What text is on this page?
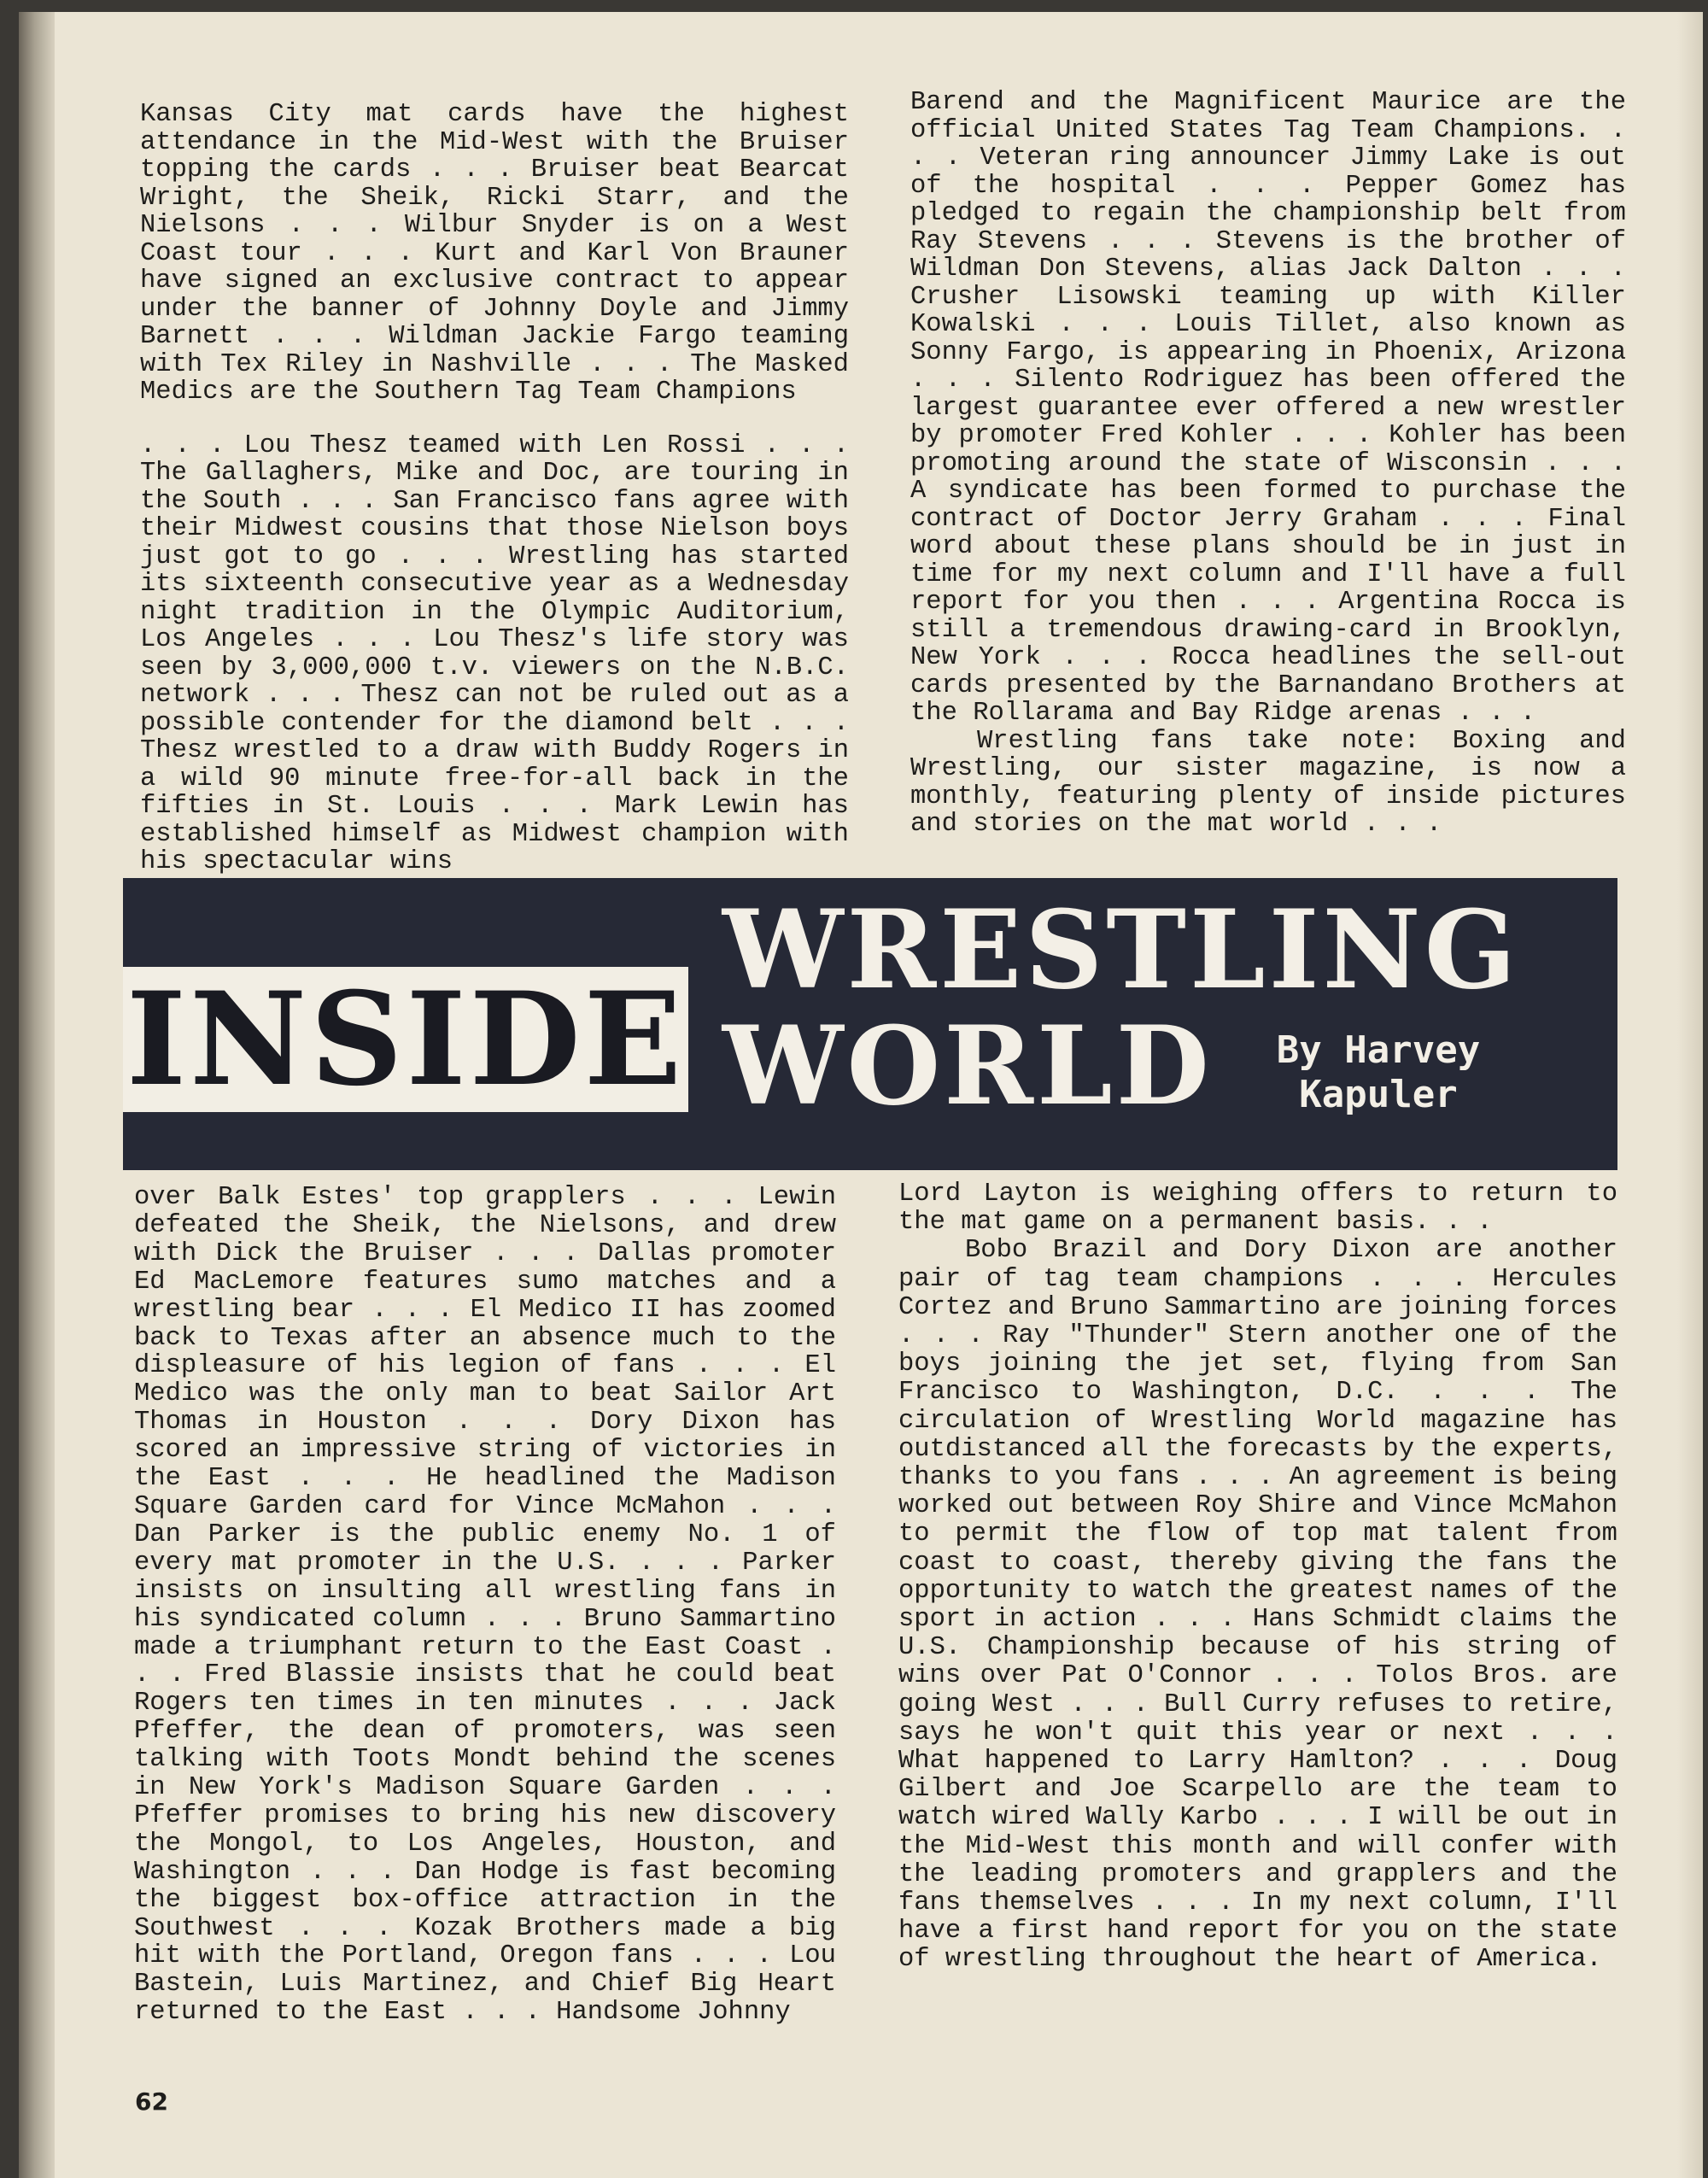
Kansas City mat cards have the highest attendance in the Mid-West with the Bruiser topping the cards . . . Bruiser beat Bearcat Wright, the Sheik, Ricki Starr, and the Nielsons . . . Wilbur Snyder is on a West Coast tour . . . Kurt and Karl Von Brauner have signed an exclusive contract to appear under the banner of Johnny Doyle and Jimmy Barnett . . . Wildman Jackie Fargo teaming with Tex Riley in Nashville . . . The Masked Medics are the Southern Tag Team Champions

. . . Lou Thesz teamed with Len Rossi . . . The Gallaghers, Mike and Doc, are touring in the South . . . San Francisco fans agree with their Midwest cousins that those Nielson boys just got to go . . . Wrestling has started its sixteenth consecutive year as a Wednesday night tradition in the Olympic Auditorium, Los Angeles . . . Lou Thesz's life story was seen by 3,000,000 t.v. viewers on the N.B.C. network . . . Thesz can not be ruled out as a possible contender for the diamond belt . . . Thesz wrestled to a draw with Buddy Rogers in a wild 90 minute free-for-all back in the fifties in St. Louis . . . Mark Lewin has established himself as Midwest champion with his spectacular wins

Barend and the Magnificent Maurice are the official United States Tag Team Champions. . . . Veteran ring announcer Jimmy Lake is out of the hospital . . . Pepper Gomez has pledged to regain the championship belt from Ray Stevens . . . Stevens is the brother of Wildman Don Stevens, alias Jack Dalton . . . Crusher Lisowski teaming up with Killer Kowalski . . . Louis Tillet, also known as Sonny Fargo, is appearing in Phoenix, Arizona . . . Silento Rodriguez has been offered the largest guarantee ever offered a new wrestler by promoter Fred Kohler . . . Kohler has been promoting around the state of Wisconsin . . . A syndicate has been formed to purchase the contract of Doctor Jerry Graham . . . Final word about these plans should be in just in time for my next column and I'll have a full report for you then . . . Argentina Rocca is still a tremendous drawing-card in Brooklyn, New York . . . Rocca headlines the sell-out cards presented by the Barnandano Brothers at the Rollarama and Bay Ridge arenas . . .

Wrestling fans take note: Boxing and Wrestling, our sister magazine, is now a monthly, featuring plenty of inside pictures and stories on the mat world . . .

INSIDE
WRESTLING
WORLD	By Harvey
Kapuler

over Balk Estes' top grapplers . . . Lewin defeated the Sheik, the Nielsons, and drew with Dick the Bruiser . . . Dallas promoter Ed MacLemore features sumo matches and a wrestling bear . . . El Medico II has zoomed back to Texas after an absence much to the displeasure of his legion of fans . . . El Medico was the only man to beat Sailor Art Thomas in Houston . . . Dory Dixon has scored an impressive string of victories in the East . . . He headlined the Madison Square Garden card for Vince McMahon . . . Dan Parker is the public enemy No. 1 of every mat promoter in the U.S. . . . Parker insists on insulting all wrestling fans in his syndicated column . . . Bruno Sammartino made a triumphant return to the East Coast . . . Fred Blassie insists that he could beat Rogers ten times in ten minutes . . . Jack Pfeffer, the dean of promoters, was seen talking with Toots Mondt behind the scenes in New York's Madison Square Garden . . . Pfeffer promises to bring his new discovery the Mongol, to Los Angeles, Houston, and Washington . . . Dan Hodge is fast becoming the biggest box-office attraction in the Southwest . . . Kozak Brothers made a big hit with the Portland, Oregon fans . . . Lou Bastein, Luis Martinez, and Chief Big Heart returned to the East . . . Handsome Johnny

Lord Layton is weighing offers to return to the mat game on a permanent basis. . .

Bobo Brazil and Dory Dixon are another pair of tag team champions . . . Hercules Cortez and Bruno Sammartino are joining forces . . . Ray "Thunder" Stern another one of the boys joining the jet set, flying from San Francisco to Washington, D.C. . . . The circulation of Wrestling World magazine has outdistanced all the forecasts by the experts, thanks to you fans . . . An agreement is being worked out between Roy Shire and Vince McMahon to permit the flow of top mat talent from coast to coast, thereby giving the fans the opportunity to watch the greatest names of the sport in action . . . Hans Schmidt claims the U.S. Championship because of his string of wins over Pat O'Connor . . . Tolos Bros. are going West . . . Bull Curry refuses to retire, says he won't quit this year or next . . . What happened to Larry Hamlton? . . . Doug Gilbert and Joe Scarpello are the team to watch wired Wally Karbo . . . I will be out in the Mid-West this month and will confer with the leading promoters and grapplers and the fans themselves . . . In my next column, I'll have a first hand report for you on the state of wrestling throughout the heart of America.

62
